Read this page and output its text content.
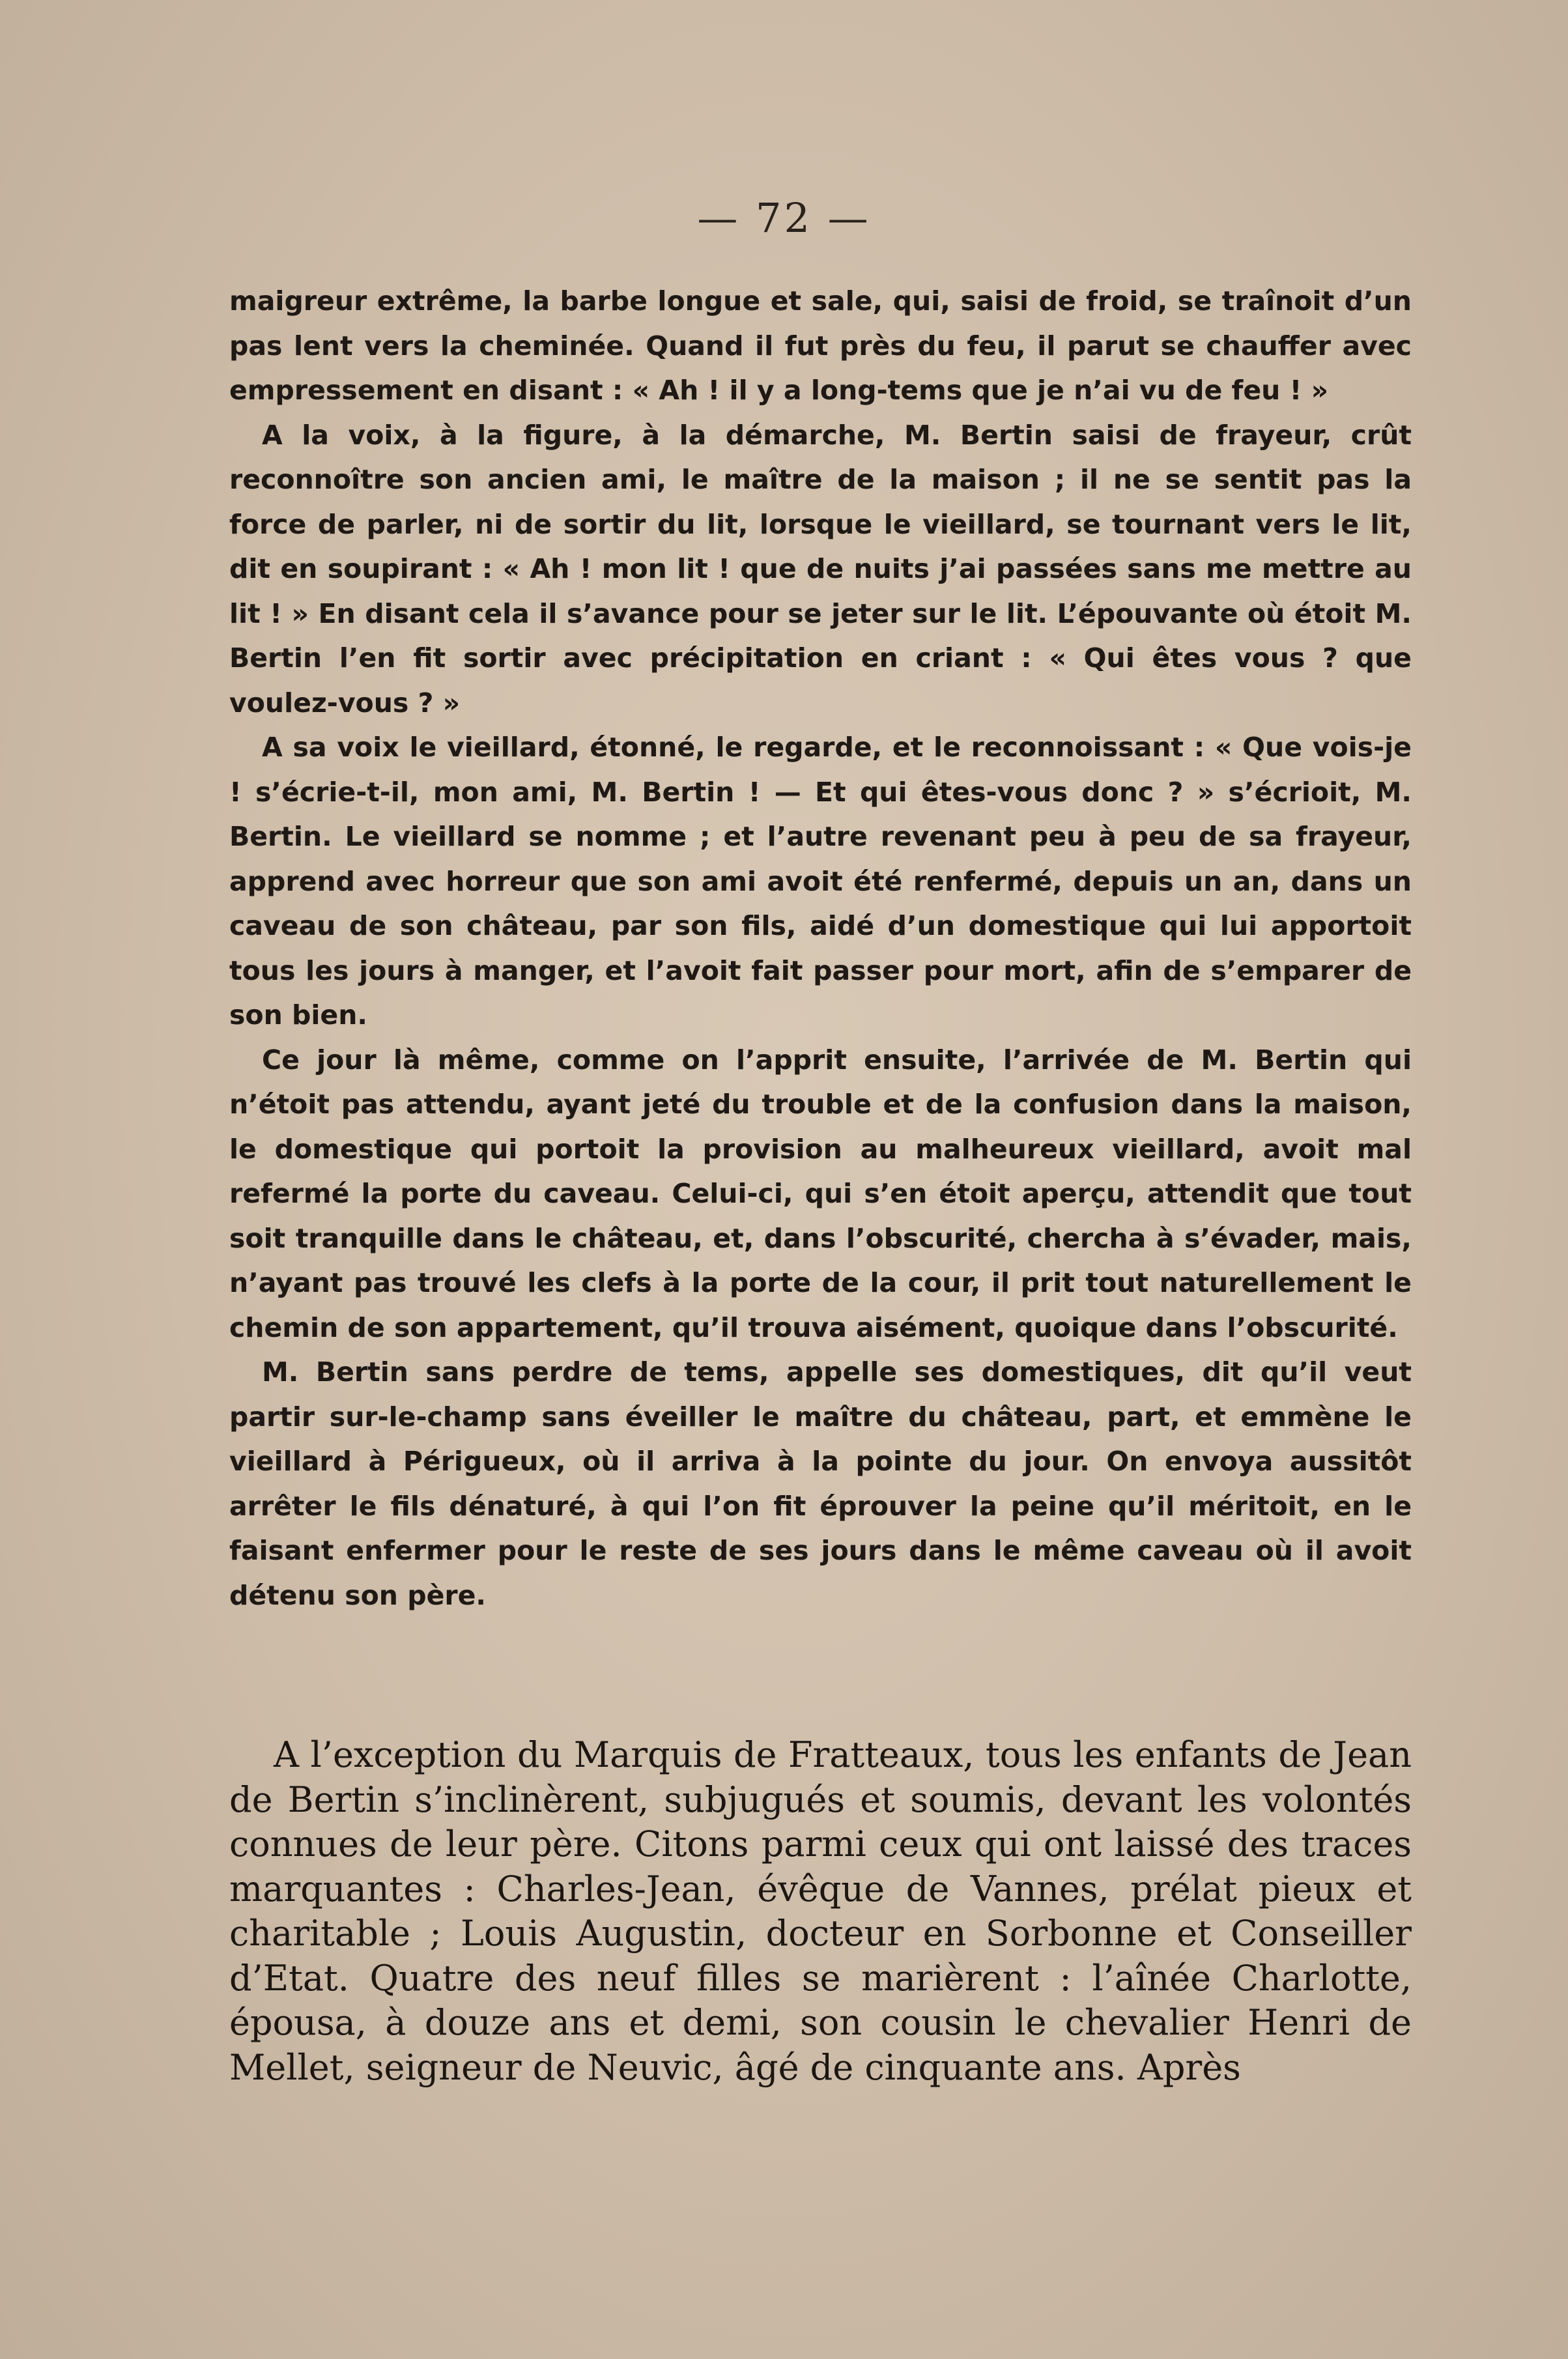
— 72 —

maigreur extrême, la barbe longue et sale, qui, saisi de froid, se traînoit d’un pas lent vers la cheminée. Quand il fut près du feu, il parut se chauffer avec empressement en disant : « Ah ! il y a long-tems que je n’ai vu de feu ! »

A la voix, à la figure, à la démarche, M. Bertin saisi de frayeur, crût reconnoître son ancien ami, le maître de la maison ; il ne se sentit pas la force de parler, ni de sortir du lit, lorsque le vieillard, se tournant vers le lit, dit en soupirant : « Ah ! mon lit ! que de nuits j’ai passées sans me mettre au lit ! » En disant cela il s’avance pour se jeter sur le lit. L’épouvante où étoit M. Bertin l’en fit sortir avec précipitation en criant : « Qui êtes vous ? que voulez-vous ? »

A sa voix le vieillard, étonné, le regarde, et le reconnoissant : « Que vois-je ! s’écrie-t-il, mon ami, M. Bertin ! — Et qui êtes-vous donc ? » s’écrioit, M. Bertin. Le vieillard se nomme ; et l’autre revenant peu à peu de sa frayeur, apprend avec horreur que son ami avoit été renfermé, depuis un an, dans un caveau de son château, par son fils, aidé d’un domestique qui lui apportoit tous les jours à manger, et l’avoit fait passer pour mort, afin de s’emparer de son bien.

Ce jour là même, comme on l’apprit ensuite, l’arrivée de M. Bertin qui n’étoit pas attendu, ayant jeté du trouble et de la confusion dans la maison, le domestique qui portoit la provision au malheureux vieillard, avoit mal refermé la porte du caveau. Celui-ci, qui s’en étoit aperçu, attendit que tout soit tranquille dans le château, et, dans l’obscurité, chercha à s’évader, mais, n’ayant pas trouvé les clefs à la porte de la cour, il prit tout naturellement le chemin de son appartement, qu’il trouva aisément, quoique dans l’obscurité.

M. Bertin sans perdre de tems, appelle ses domestiques, dit qu’il veut partir sur-le-champ sans éveiller le maître du château, part, et emmène le vieillard à Périgueux, où il arriva à la pointe du jour. On envoya aussitôt arrêter le fils dénaturé, à qui l’on fit éprouver la peine qu’il méritoit, en le faisant enfermer pour le reste de ses jours dans le même caveau où il avoit détenu son père.

A l’exception du Marquis de Fratteaux, tous les enfants de Jean de Bertin s’inclinèrent, subjugués et soumis, devant les volontés connues de leur père. Citons parmi ceux qui ont laissé des traces marquantes : Charles-Jean, évêque de Vannes, prélat pieux et charitable ; Louis Augustin, docteur en Sorbonne et Conseiller d’Etat. Quatre des neuf filles se marièrent : l’aînée Charlotte, épousa, à douze ans et demi, son cousin le chevalier Henri de Mellet, seigneur de Neuvic, âgé de cinquante ans. Après
